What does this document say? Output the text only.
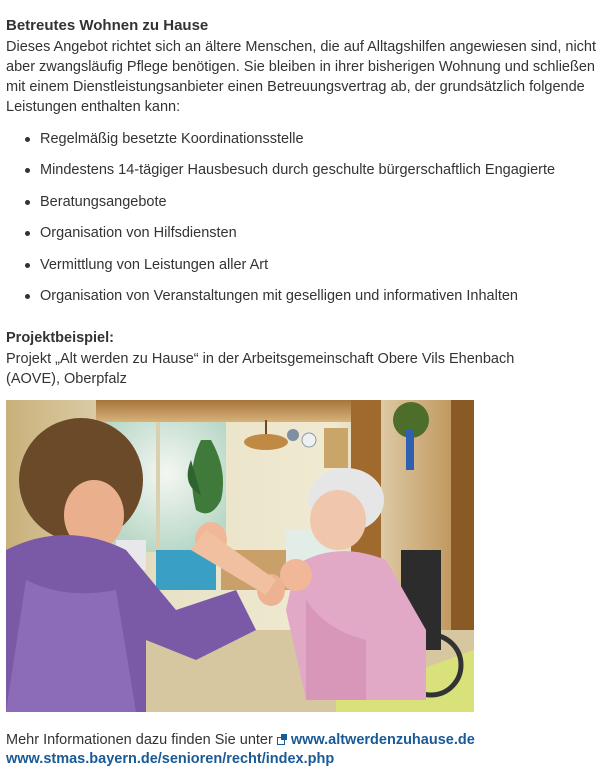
Betreutes Wohnen zu Hause

Dieses Angebot richtet sich an ältere Menschen, die auf Alltagshilfen angewiesen sind, nicht aber zwangsläufig Pflege benötigen. Sie bleiben in ihrer bisherigen Wohnung und schließen mit einem Dienstleistungsanbieter einen Betreuungsvertrag ab, der grundsätzlich folgende Leistungen enthalten kann:

Regelmäßig besetzte Koordinationsstelle
Mindestens 14-tägiger Hausbesuch durch geschulte bürgerschaftlich Engagierte
Beratungsangebote
Organisation von Hilfsdiensten
Vermittlung von Leistungen aller Art
Organisation von Veranstaltungen mit geselligen und informativen Inhalten
Projektbeispiel:

Projekt „Alt werden zu Hause“ in der Arbeitsgemeinschaft Obere Vils Ehenbach (AOVE), Oberpfalz

Mehr Informationen dazu finden Sie unter www.altwerdenzuhause.de
www.stmas.bayern.de/senioren/recht/index.php
